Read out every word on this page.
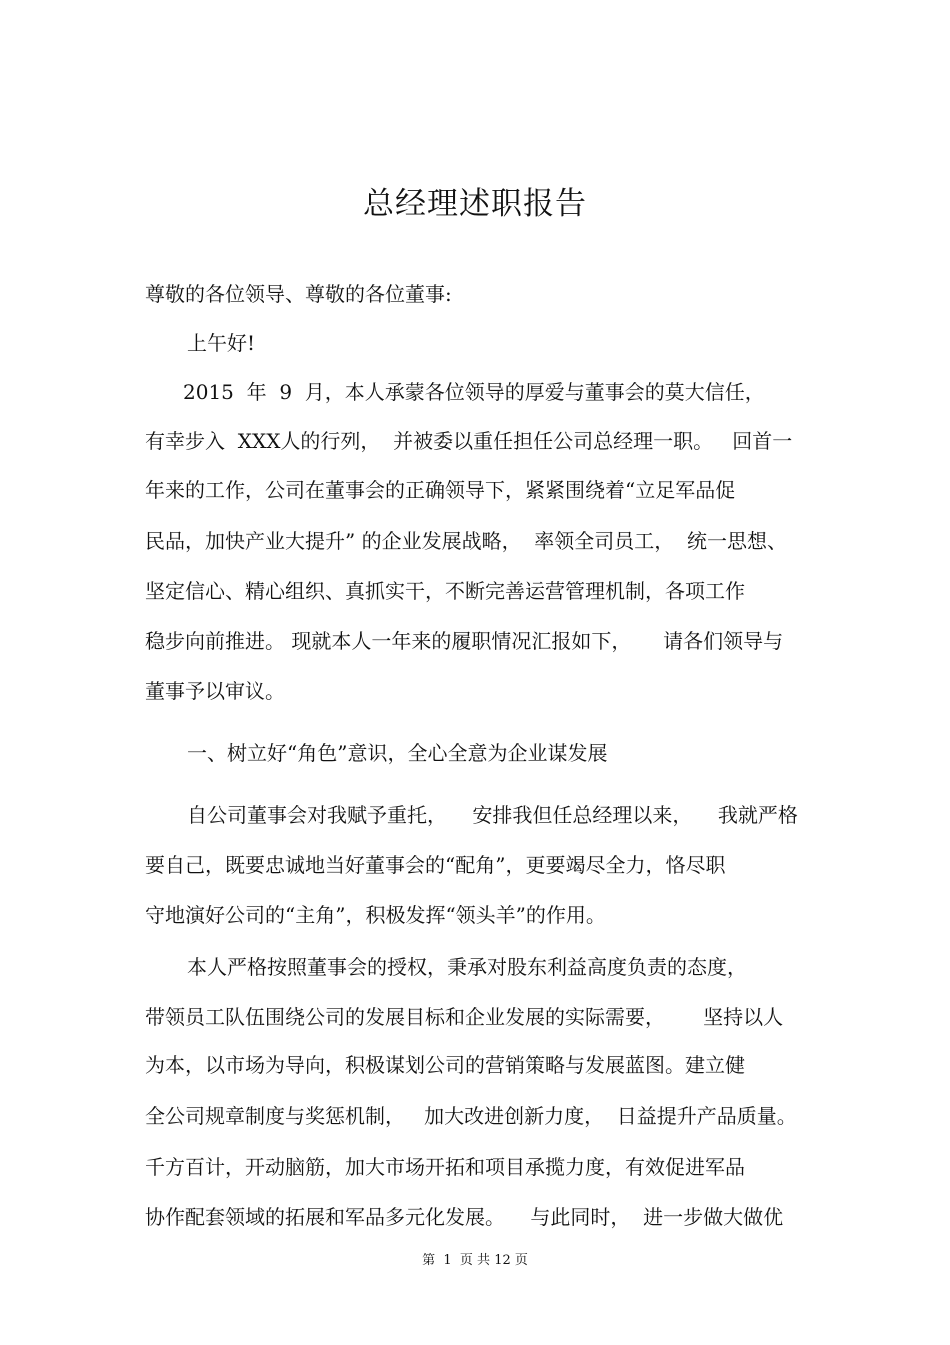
总经理述职报告
尊敬的各位领导、尊敬的各位董事:
上午好!
2015  年  9  月，本人承蒙各位领导的厚爱与董事会的莫大信任，
有幸步入  XXX人的行列，  并被委以重任担任公司总经理一职。   回首一
年来的工作，公司在董事会的正确领导下，紧紧围绕着“立足军品促
民品，加快产业大提升” 的企业发展战略，  率领全司员工，  统一思想、
坚定信心、精心组织、真抓实干，不断完善运营管理机制，各项工作
稳步向前推进。 现就本人一年来的履职情况汇报如下，     请各们领导与
董事予以审议。
一、树立好“角色”意识，全心全意为企业谋发展
自公司董事会对我赋予重托，    安排我但任总经理以来，    我就严格
要自己，既要忠诚地当好董事会的“配角”，更要竭尽全力，恪尽职
守地演好公司的“主角”，积极发挥“领头羊”的作用。
本人严格按照董事会的授权，秉承对股东利益高度负责的态度，
带领员工队伍围绕公司的发展目标和企业发展的实际需要，      坚持以人
为本，以市场为导向，积极谋划公司的营销策略与发展蓝图。建立健
全公司规章制度与奖惩机制，   加大改进创新力度，  日益提升产品质量。
千方百计，开动脑筋，加大市场开拓和项目承揽力度，有效促进军品
协作配套领域的拓展和军品多元化发展。    与此同时，  进一步做大做优
第  1  页 共 12 页
